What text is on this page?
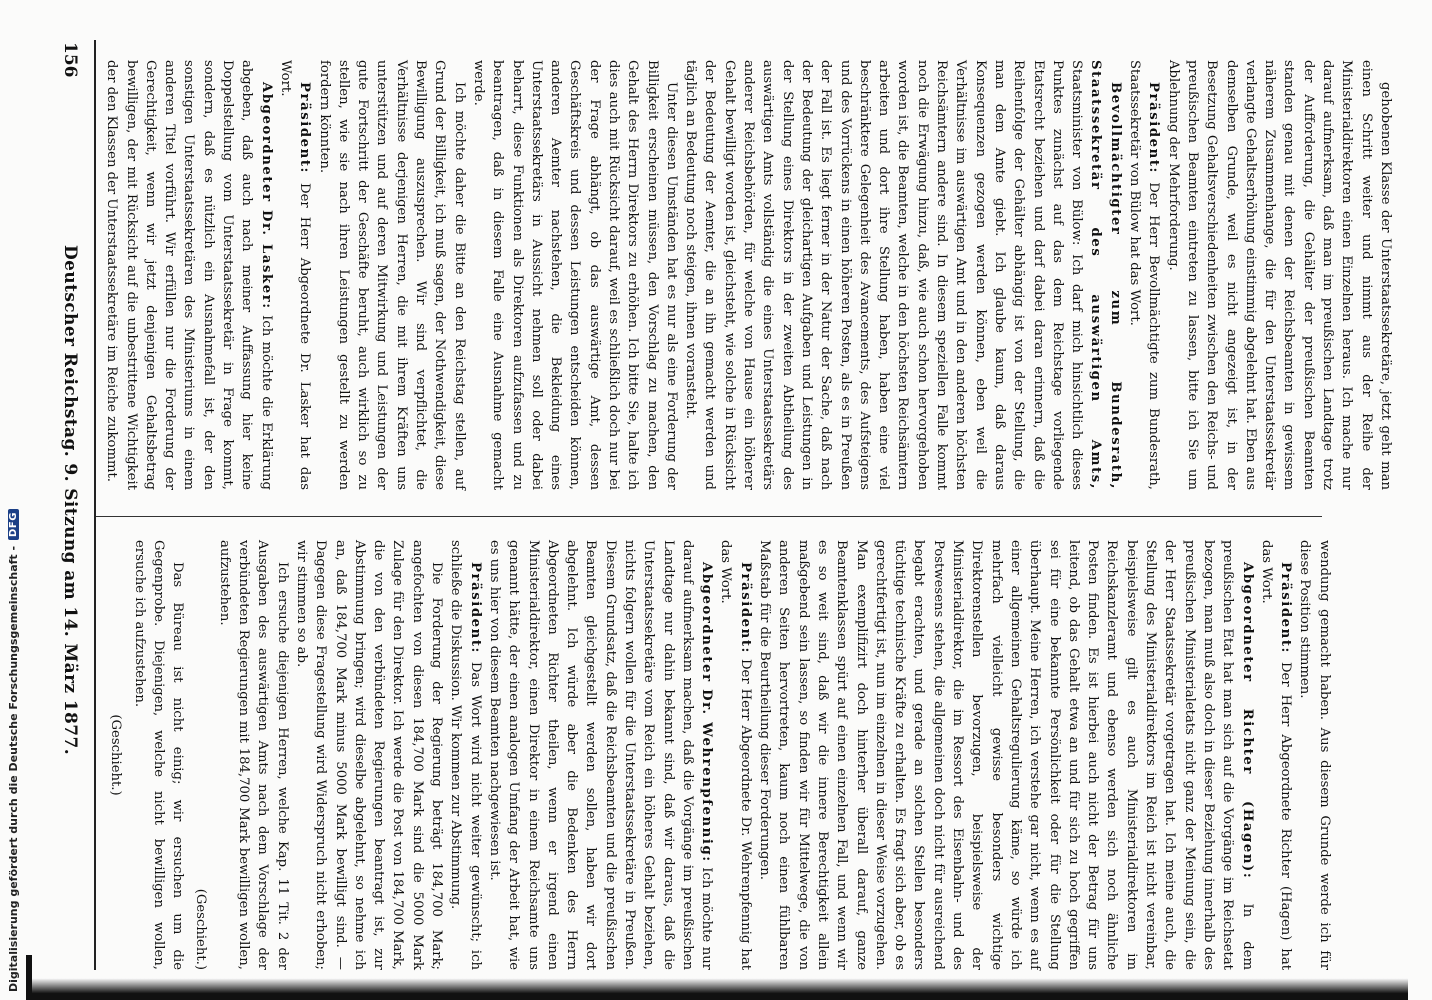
Deutscher Reichstag. 9. Sitzung am 14. März 1877.
156

gehobenen Klasse der Unterstaatssekretäre, jetzt geht man einen Schritt weiter und nimmt aus der Reihe der Ministerialdirektoren einen Einzelnen heraus. Ich mache nur darauf aufmerksam, daß man im preußischen Landtage trotz der Aufforderung, die Gehälter der preußischen Beamten standen genau mit denen der Reichsbeamten in gewissem näherem Zusammenhange, die für den Unterstaatssekretär verlangte Gehaltserhöhung einstimmig abgelehnt hat. Eben aus demselben Grunde, weil es nicht angezeigt ist, in der Besetzung Gehaltsverschiedenheiten zwischen den Reichs- und preußischen Beamten eintreten zu lassen, bitte ich Sie um Ablehnung der Mehrforderung.

Präsident: Der Herr Bevollmächtigte zum Bundesrath, Staatssekretär von Bülow hat das Wort.

Bevollmächtigter zum Bundesrath, Staatssekretär des auswärtigen Amts, Staatsminister von Bülow: Ich darf mich hinsichtlich dieses Punktes zunächst auf das dem Reichstage vorliegende Etatsrecht beziehen und darf dabei daran erinnern, daß die Reihenfolge der Gehälter abhängig ist von der Stellung, die man dem Amte giebt. Ich glaube kaum, daß daraus Konsequenzen gezogen werden können, eben weil die Verhältnisse im auswärtigen Amt und in den anderen höchsten Reichsämtern andere sind. In diesem speziellen Falle kommt noch die Erwägung hinzu, daß, wie auch schon hervorgehoben worden ist, die Beamten, welche in den höchsten Reichsämtern arbeiten und dort ihre Stellung haben, haben eine viel beschränktere Gelegenheit des Avancements, des Aufsteigens und des Vorrückens in einen höheren Posten, als es in Preußen der Fall ist. Es liegt ferner in der Natur der Sache, daß nach der Bedeutung der gleichartigen Aufgaben und Leistungen in der Stellung eines Direktors in der zweiten Abtheilung des auswärtigen Amts vollständig die eines Unterstaatssekretärs anderer Reichsbehörden, für welche von Hause ein höherer Gehalt bewilligt worden ist, gleichsteht, wie solche in Rücksicht der Bedeutung der Aemter, die an ihn gemacht werden und täglich an Bedeutung noch steigen, ihnen voransteht.

Unter diesen Umständen hat es nur als eine Forderung der Billigkeit erscheinen müssen, den Vorschlag zu machen, den Gehalt des Herrn Direktors zu erhöhen. Ich bitte Sie, halte ich dies auch mit Rücksicht darauf, weil es schließlich doch nur bei der Frage abhängt, ob das auswärtige Amt, dessen Geschäftskreis und dessen Leistungen entscheiden können, anderen Aemter nachstehen, die Bekleidung eines Unterstaatssekretärs in Aussicht nehmen soll oder dabei beharrt, diese Funktionen als Direktoren aufzufassen und zu beantragen, daß in diesem Falle eine Ausnahme gemacht werde.

Ich möchte daher die Bitte an den Reichstag stellen, auf Grund der Billigkeit, ich muß sagen, der Nothwendigkeit, diese Bewilligung auszusprechen. Wir sind verpflichtet, die Verhältnisse derjenigen Herren, die mit ihrem Kräften uns unterstützen und auf deren Mitwirkung und Leistungen der gute Fortschritt der Geschäfte beruht, auch wirklich so zu stellen, wie sie nach ihren Leistungen gestellt zu werden fordern könnten.

Präsident: Der Herr Abgeordnete Dr. Lasker hat das Wort.

Abgeordneter Dr. Lasker: Ich möchte die Erklärung abgeben, daß auch nach meiner Auffassung hier keine Doppelstellung vom Unterstaatssekretär in Frage kommt, sondern, daß es nützlich ein Ausnahmefall ist, der den sonstigen Unterstaatssekretären des Ministeriums in einem anderen Titel vorführt. Wir erfüllen nur die Forderung der Gerechtigkeit, wenn wir jetzt denjenigen Gehaltsbetrag bewilligen, der mit Rücksicht auf die unbestrittene Wichtigkeit der den Klassen der Unterstaatssekretäre im Reiche zukommt.

wendung gemacht haben. Aus diesem Grunde werde ich für diese Position stimmen.

Präsident: Der Herr Abgeordnete Richter (Hagen) hat das Wort.

Abgeordneter Richter (Hagen): In dem preußischen Etat hat man sich auf die Vorgänge im Reichsetat bezogen, man muß also doch in dieser Beziehung innerhalb des preußischen Ministerialetats nicht ganz der Meinung sein, die der Herr Staatssekretär vorgetragen hat. Ich meine auch, die Stellung des Ministerialdirektors im Reich ist nicht vereinbar, beispielsweise gilt es auch Ministerialdirektoren im Reichskanzleramt und ebenso werden sich noch ähnliche Posten finden. Es ist hierbei auch nicht der Betrag für uns leitend, ob das Gehalt etwa an und für sich zu hoch gegriffen sei für eine bekannte Persönlichkeit oder für die Stellung überhaupt. Meine Herren, ich verstehe gar nicht, wenn es auf einer allgemeinen Gehaltsregulierung käme, so würde ich mehrfach vielleicht gewisse besonders wichtige Direktorenstellen bevorzugen, beispielsweise der Ministerialdirektor, die im Ressort des Eisenbahn- und des Postwesens stehen, die allgemeinen doch nicht für ausreichend begabt erachten, und gerade an solchen Stellen besonders tüchtige technische Kräfte zu erhalten. Es fragt sich aber, ob es gerechtfertigt ist, nun im einzelnen in dieser Weise vorzugehen. Man exemplifizirt doch hinterher überall darauf, ganze Beamtenklassen spürt auf einen einzelnen Fall, und wenn wir es so weit sind, daß wir die innere Berechtigkeit allein maßgebend sein lassen, so finden wir für Mittelwege, die von anderen Seiten hervortreten, kaum noch einen fühlbaren Maßstab für die Beurtheilung dieser Forderungen.

Präsident: Der Herr Abgeordnete Dr. Wehrenpfennig hat das Wort.

Abgeordneter Dr. Wehrenpfennig: Ich möchte nur darauf aufmerksam machen, daß die Vorgänge im preußischen Landtage nur dahin bekannt sind, daß wir daraus, daß die Unterstaatssekretäre vom Reich ein höheres Gehalt beziehen, nichts folgern wollen für die Unterstaatssekretäre in Preußen. Diesem Grundsatz, daß die Reichsbeamten und die preußischen Beamten gleichgestellt werden sollen, haben wir dort abgelehnt. Ich würde aber die Bedenken des Herrn Abgeordneten Richter theilen, wenn er irgend einen Ministerialdirektor, einen Direktor in einem Reichsamte uns genannt hätte, der einen analogen Umfang der Arbeit hat, wie es uns hier von diesem Beamten nachgewiesen ist.

Präsident: Das Wort wird nicht weiter gewünscht; ich schließe die Diskussion. Wir kommen zur Abstimmung.

Die Forderung der Regierung beträgt 184,700 Mark; angefochten von diesen 184,700 Mark sind die 5000 Mark Zulage für den Direktor. Ich werde die Post von 184,700 Mark, die von den verbündeten Regierungen beantragt ist, zur Abstimmung bringen; wird dieselbe abgelehnt, so nehme ich an, daß 184,700 Mark minus 5000 Mark bewilligt sind. — Dagegen diese Fragestellung wird Widerspruch nicht erhoben; wir stimmen so ab.

Ich ersuche diejenigen Herren, welche Kap. 11 Tit. 2 der Ausgaben des auswärtigen Amts nach dem Vorschlage der verbündeten Regierungen mit 184,700 Mark bewilligen wollen, aufzustehen.

(Geschieht.)

Das Büreau ist nicht einig; wir ersuchen um die Gegenprobe. Diejenigen, welche nicht bewilligen wollen, ersuche ich aufzustehen.

(Geschieht.)

Digitalisierung gefördert durch die Deutsche Forschungsgemeinschaft -
DFG
